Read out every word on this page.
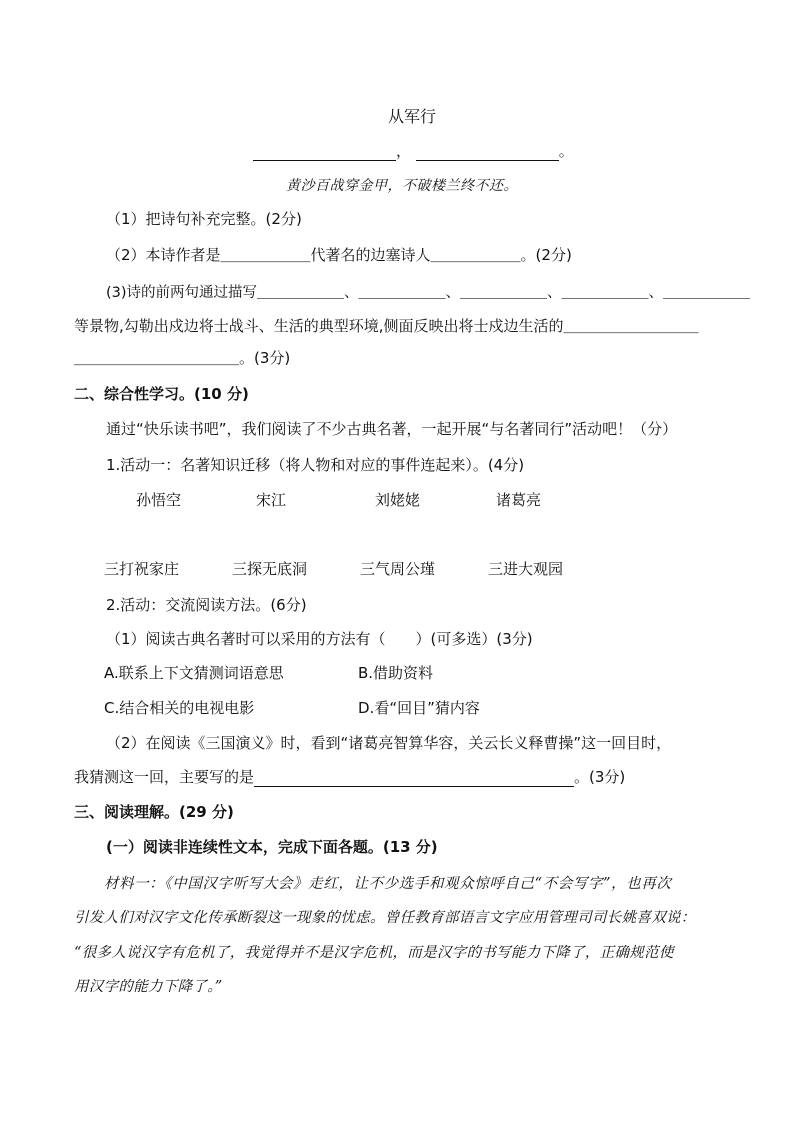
从军行
，	。
黄沙百战穿金甲，不破楼兰终不还。
（1）把诗句补充完整。(2分)
（2）本诗作者是＿＿＿＿＿＿代著名的边塞诗人＿＿＿＿＿＿。(2分)
(3)诗的前两句通过描写＿＿＿＿＿＿、＿＿＿＿＿＿、＿＿＿＿＿＿、＿＿＿＿＿＿、＿＿＿＿＿＿
等景物,勾勒出戍边将士战斗、生活的典型环境,侧面反映出将士戍边生活的＿＿＿＿＿＿＿＿＿
＿＿＿＿＿＿＿＿＿＿＿。(3分)
二、综合性学习。(10 分)
通过“快乐读书吧”，我们阅读了不少古典名著，一起开展“与名著同行”活动吧！（分）
1.活动一：名著知识迁移（将人物和对应的事件连起来）。(4分)
孙悟空	宋江	刘姥姥	诸葛亮
三打祝家庄	三探无底洞	三气周公瑾	三进大观园
2.活动：交流阅读方法。(6分)
（1）阅读古典名著时可以采用的方法有（　　）(可多选）(3分)
A.联系上下文猜测词语意思	B.借助资料
C.结合相关的电视电影	D.看“回目”猜内容
（2）在阅读《三国演义》时，看到“诸葛亮智算华容，关云长义释曹操”这一回目时，
我猜测这一回，主要写的是	。(3分)
三、阅读理解。(29 分)
(一）阅读非连续性文本，完成下面各题。(13 分)
材料一：《中国汉字听写大会》走红，让不少选手和观众惊呼自己“不会写字”，也再次
引发人们对汉字文化传承断裂这一现象的忧虑。曾任教育部语言文字应用管理司司长姚喜双说：
“很多人说汉字有危机了，我觉得并不是汉字危机，而是汉字的书写能力下降了，正确规范使
用汉字的能力下降了。”
